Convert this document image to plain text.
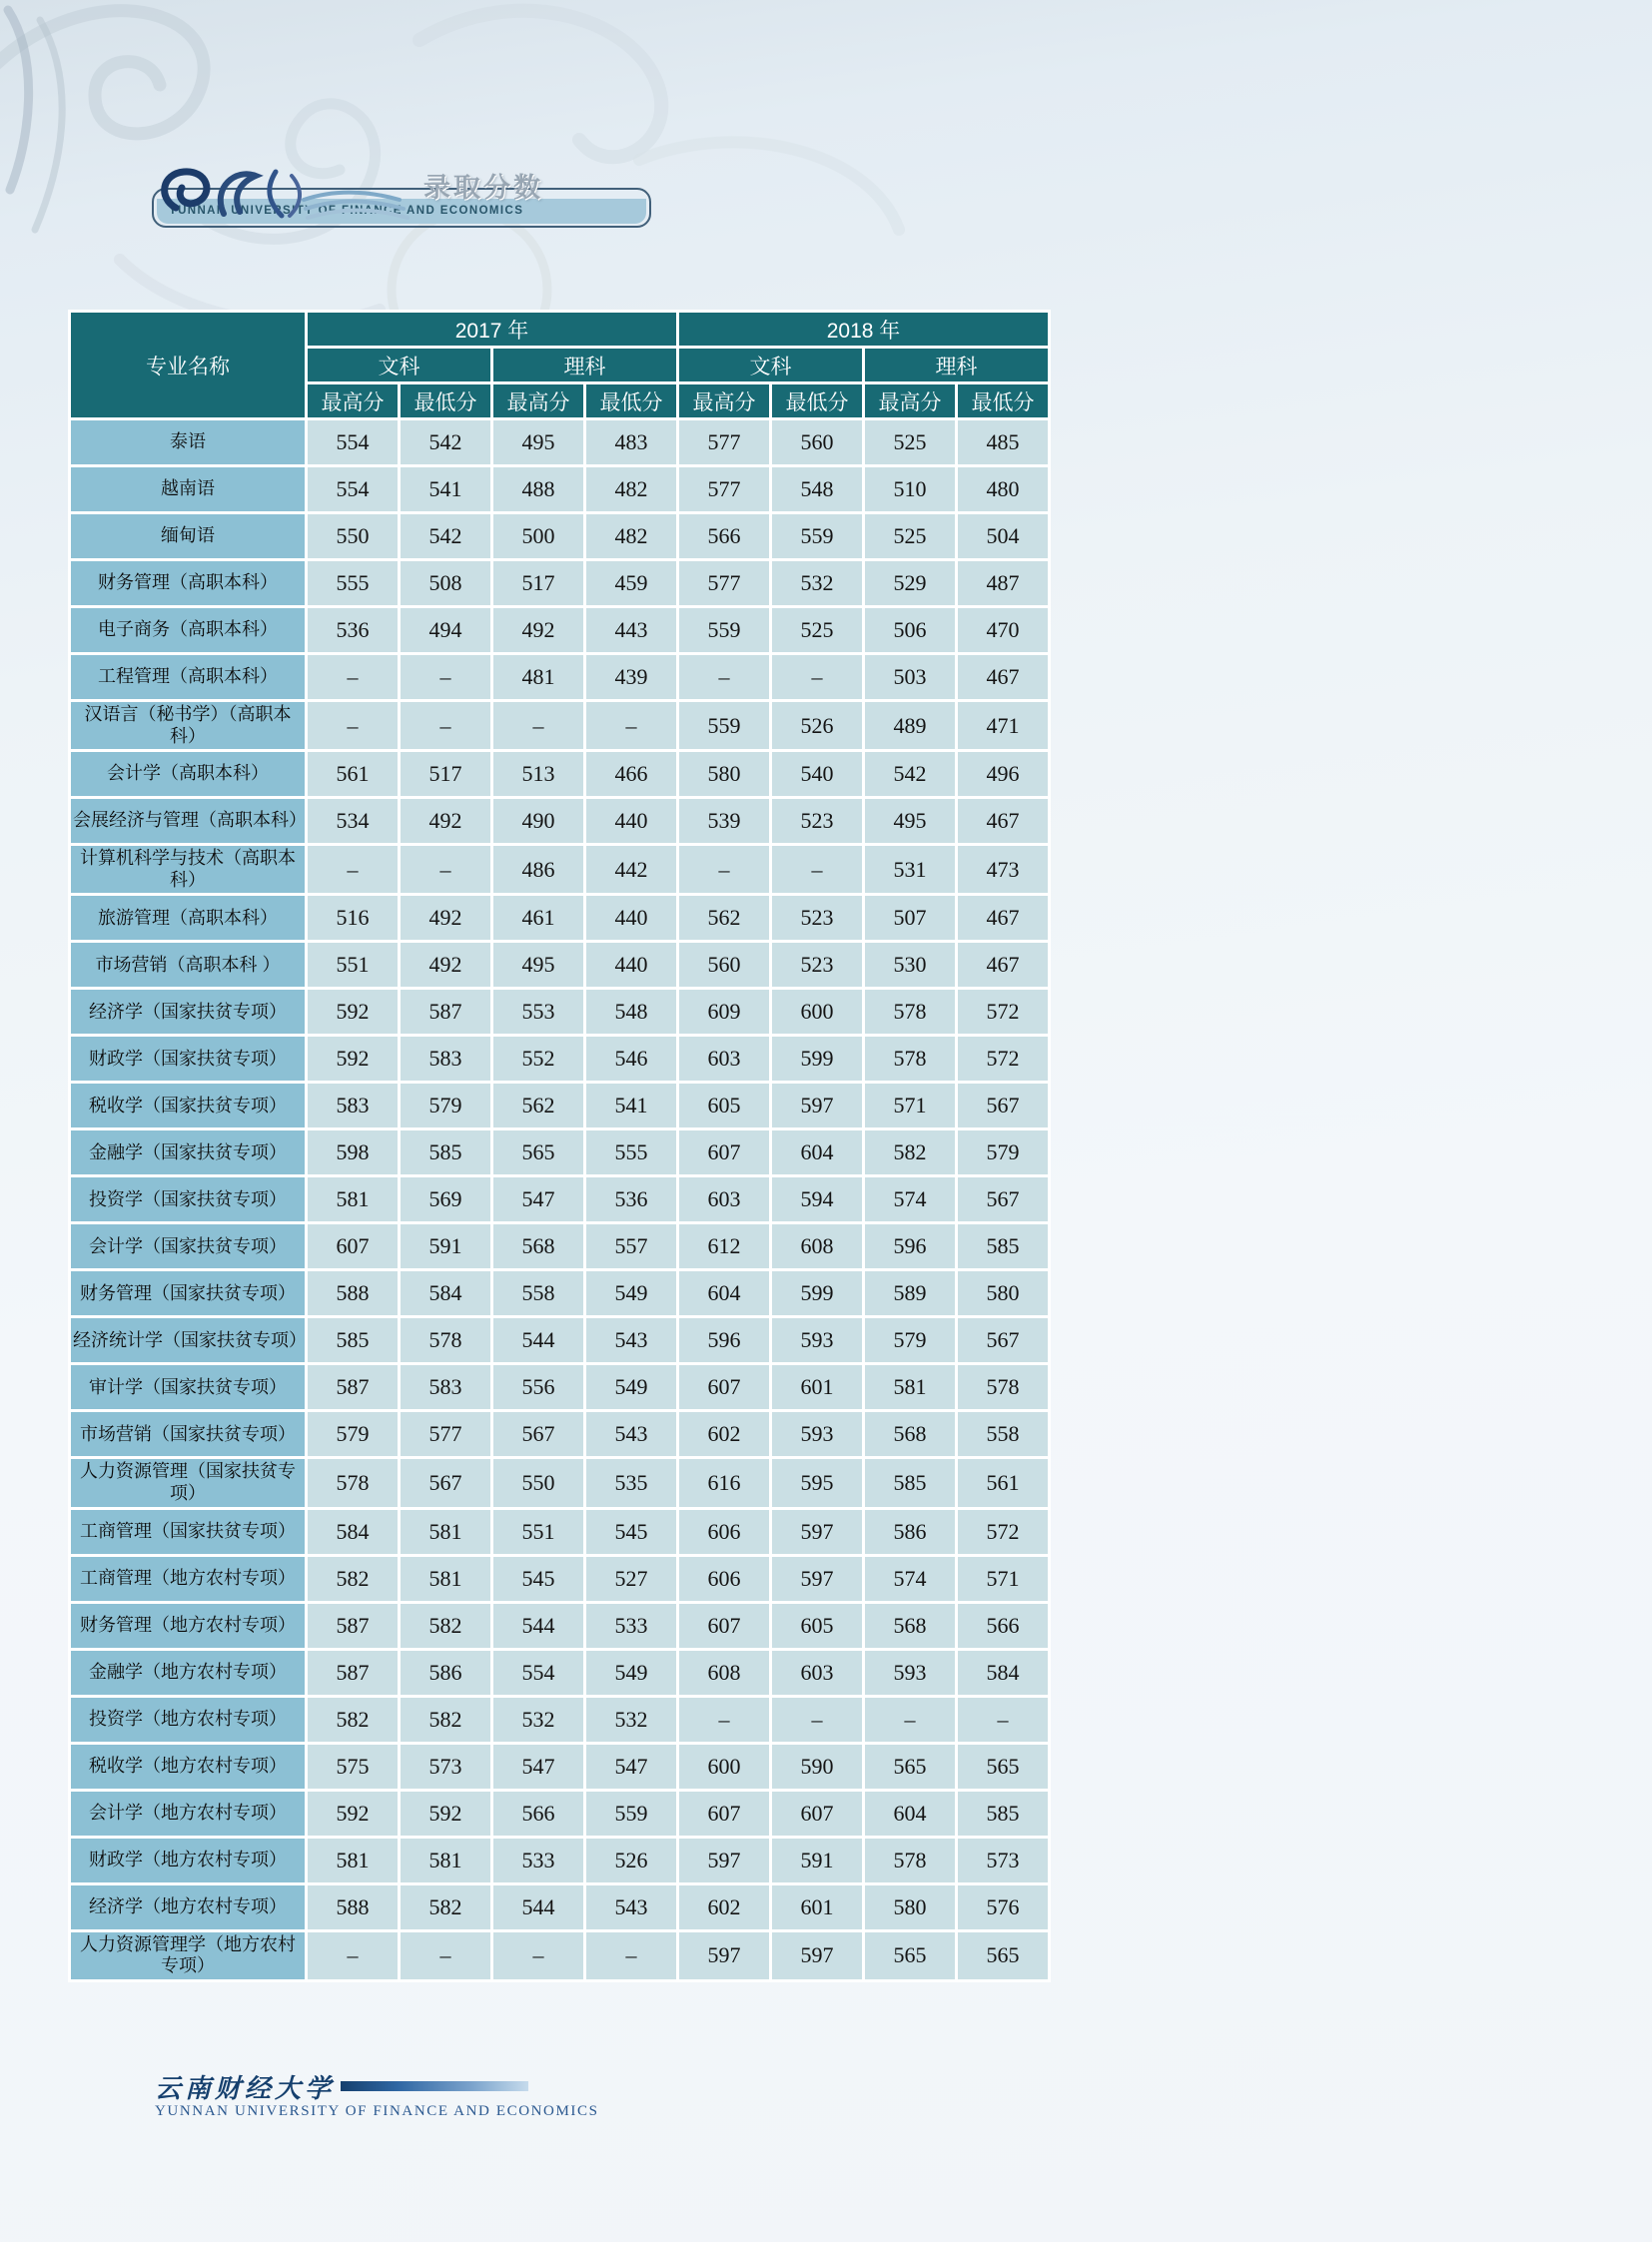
YUNNAN UNIVERSITY OF FINANCE AND ECONOMICS
录取分数
专业名称	2017 年				2018 年			
	文科		理科		文科		理科	
	最高分	最低分	最高分	最低分	最高分	最低分	最高分	最低分
泰语	554	542	495	483	577	560	525	485
越南语	554	541	488	482	577	548	510	480
缅甸语	550	542	500	482	566	559	525	504
财务管理（高职本科）	555	508	517	459	577	532	529	487
电子商务（高职本科）	536	494	492	443	559	525	506	470
工程管理（高职本科）	–	–	481	439	–	–	503	467
汉语言（秘书学）（高职本科）	–	–	–	–	559	526	489	471
会计学（高职本科）	561	517	513	466	580	540	542	496
会展经济与管理（高职本科）	534	492	490	440	539	523	495	467
计算机科学与技术（高职本科）	–	–	486	442	–	–	531	473
旅游管理（高职本科）	516	492	461	440	562	523	507	467
市场营销（高职本科 ）	551	492	495	440	560	523	530	467
经济学（国家扶贫专项）	592	587	553	548	609	600	578	572
财政学（国家扶贫专项）	592	583	552	546	603	599	578	572
税收学（国家扶贫专项）	583	579	562	541	605	597	571	567
金融学（国家扶贫专项）	598	585	565	555	607	604	582	579
投资学（国家扶贫专项）	581	569	547	536	603	594	574	567
会计学（国家扶贫专项）	607	591	568	557	612	608	596	585
财务管理（国家扶贫专项）	588	584	558	549	604	599	589	580
经济统计学（国家扶贫专项）	585	578	544	543	596	593	579	567
审计学（国家扶贫专项）	587	583	556	549	607	601	581	578
市场营销（国家扶贫专项）	579	577	567	543	602	593	568	558
人力资源管理（国家扶贫专项）	578	567	550	535	616	595	585	561
工商管理（国家扶贫专项）	584	581	551	545	606	597	586	572
工商管理（地方农村专项）	582	581	545	527	606	597	574	571
财务管理（地方农村专项）	587	582	544	533	607	605	568	566
金融学（地方农村专项）	587	586	554	549	608	603	593	584
投资学（地方农村专项）	582	582	532	532	–	–	–	–
税收学（地方农村专项）	575	573	547	547	600	590	565	565
会计学（地方农村专项）	592	592	566	559	607	607	604	585
财政学（地方农村专项）	581	581	533	526	597	591	578	573
经济学（地方农村专项）	588	582	544	543	602	601	580	576
人力资源管理学（地方农村专项）	–	–	–	–	597	597	565	565
云南财经大学
YUNNAN UNIVERSITY OF FINANCE AND ECONOMICS
